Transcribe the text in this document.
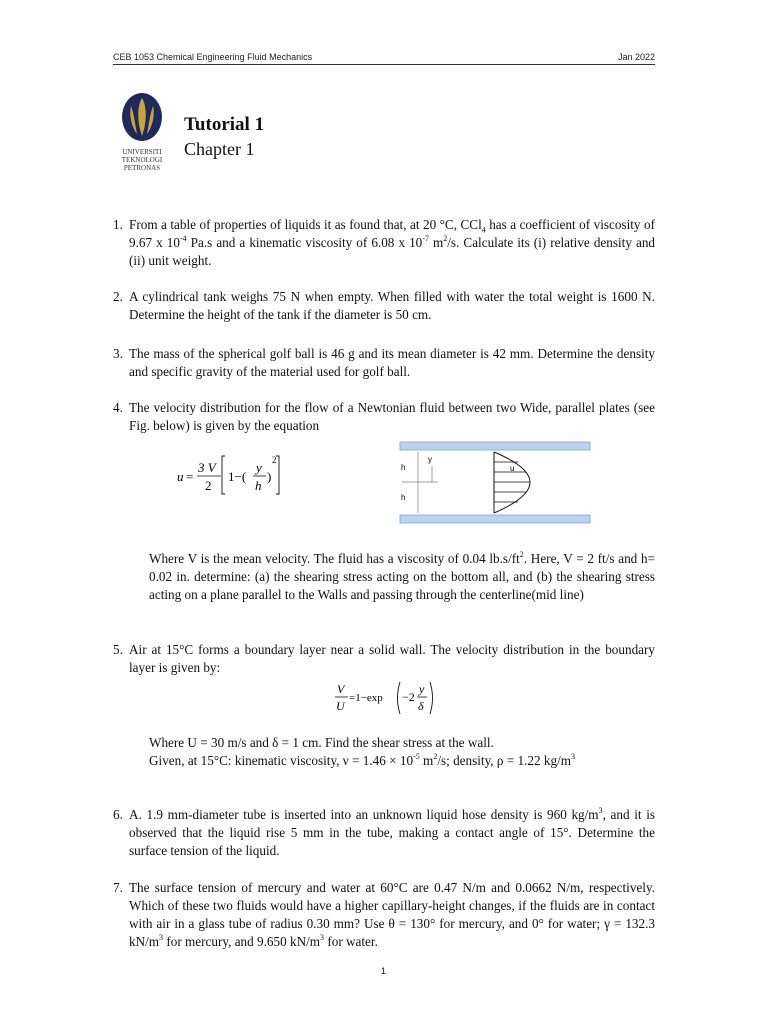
CEB 1053 Chemical Engineering Fluid Mechanics	Jan 2022
UNIVERSITI
TEKNOLOGI
PETRONAS
Tutorial 1
Chapter 1
1. From a table of properties of liquids it as found that, at 20 °C, CCl$_4$ has a coefficient of viscosity of 9.67 x $10^{-4}$ Pa.s and a kinematic viscosity of 6.08 x $10^{-7}$ $m^2/s$. Calculate its (i) relative density and (ii) unit weight.
2. A cylindrical tank weighs 75 N when empty. When filled with water the total weight is 1600 N. Determine the height of the tank if the diameter is 50 cm.
3. The mass of the spherical golf ball is 46 g and its mean diameter is 42 mm. Determine the density and specific gravity of the material used for golf ball.
4. The velocity distribution for the flow of a Newtonian fluid between two Wide, parallel plates (see Fig. below) is given by the equation
u =
3 V
2
1−(
y
h
)
2
h
y
h
u
Where V is the mean velocity. The fluid has a viscosity of 0.04 $lb.s/ft^2$. Here, V = 2 ft/s and h= 0.02 in. determine: (a) the shearing stress acting on the bottom all, and (b) the shearing stress acting on a plane parallel to the Walls and passing through the centerline(mid line)
5. Air at 15°C forms a boundary layer near a solid wall. The velocity distribution in the boundary layer is given by:
V
U
=1−exp −2
y
δ
Where U = 30 m/s and δ = 1 cm. Find the shear stress at the wall.
Given, at 15°C: kinematic viscosity, $\nu = 1.46 \times 10^{-5}$ $m^2/s$; density, ρ = 1.22 $kg/m^3$
6. A. 1.9 mm-diameter tube is inserted into an unknown liquid hose density is 960 $kg/m^3$, and it is observed that the liquid rise 5 mm in the tube, making a contact angle of 15°. Determine the surface tension of the liquid.
7. The surface tension of mercury and water at 60°C are 0.47 N/m and 0.0662 N/m, respectively. Which of these two fluids would have a higher capillary-height changes, if the fluids are in contact with air in a glass tube of radius 0.30 mm? Use θ = 130° for mercury, and 0° for water; γ = 132.3 $kN/m^3$ for mercury, and 9.650 $kN/m^3$ for water.
1
